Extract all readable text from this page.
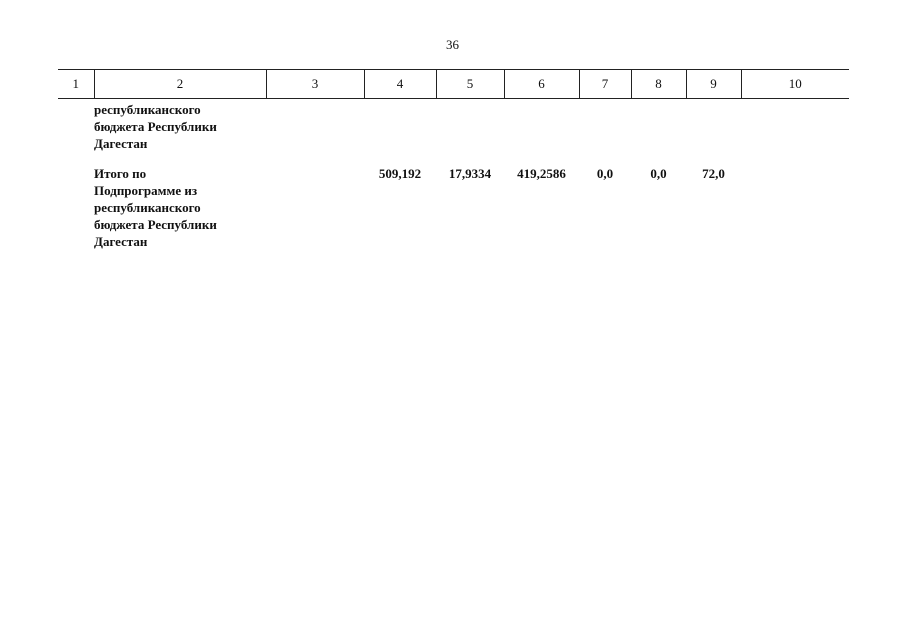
36
1	2	3	4	5	6	7	8	9	10

	республиканского
бюджета Республики
Дагестан								

	Итого по
Подпрограмме из
республиканского
бюджета Республики
Дагестан		509,192	17,9334	419,2586	0,0	0,0	72,0	
